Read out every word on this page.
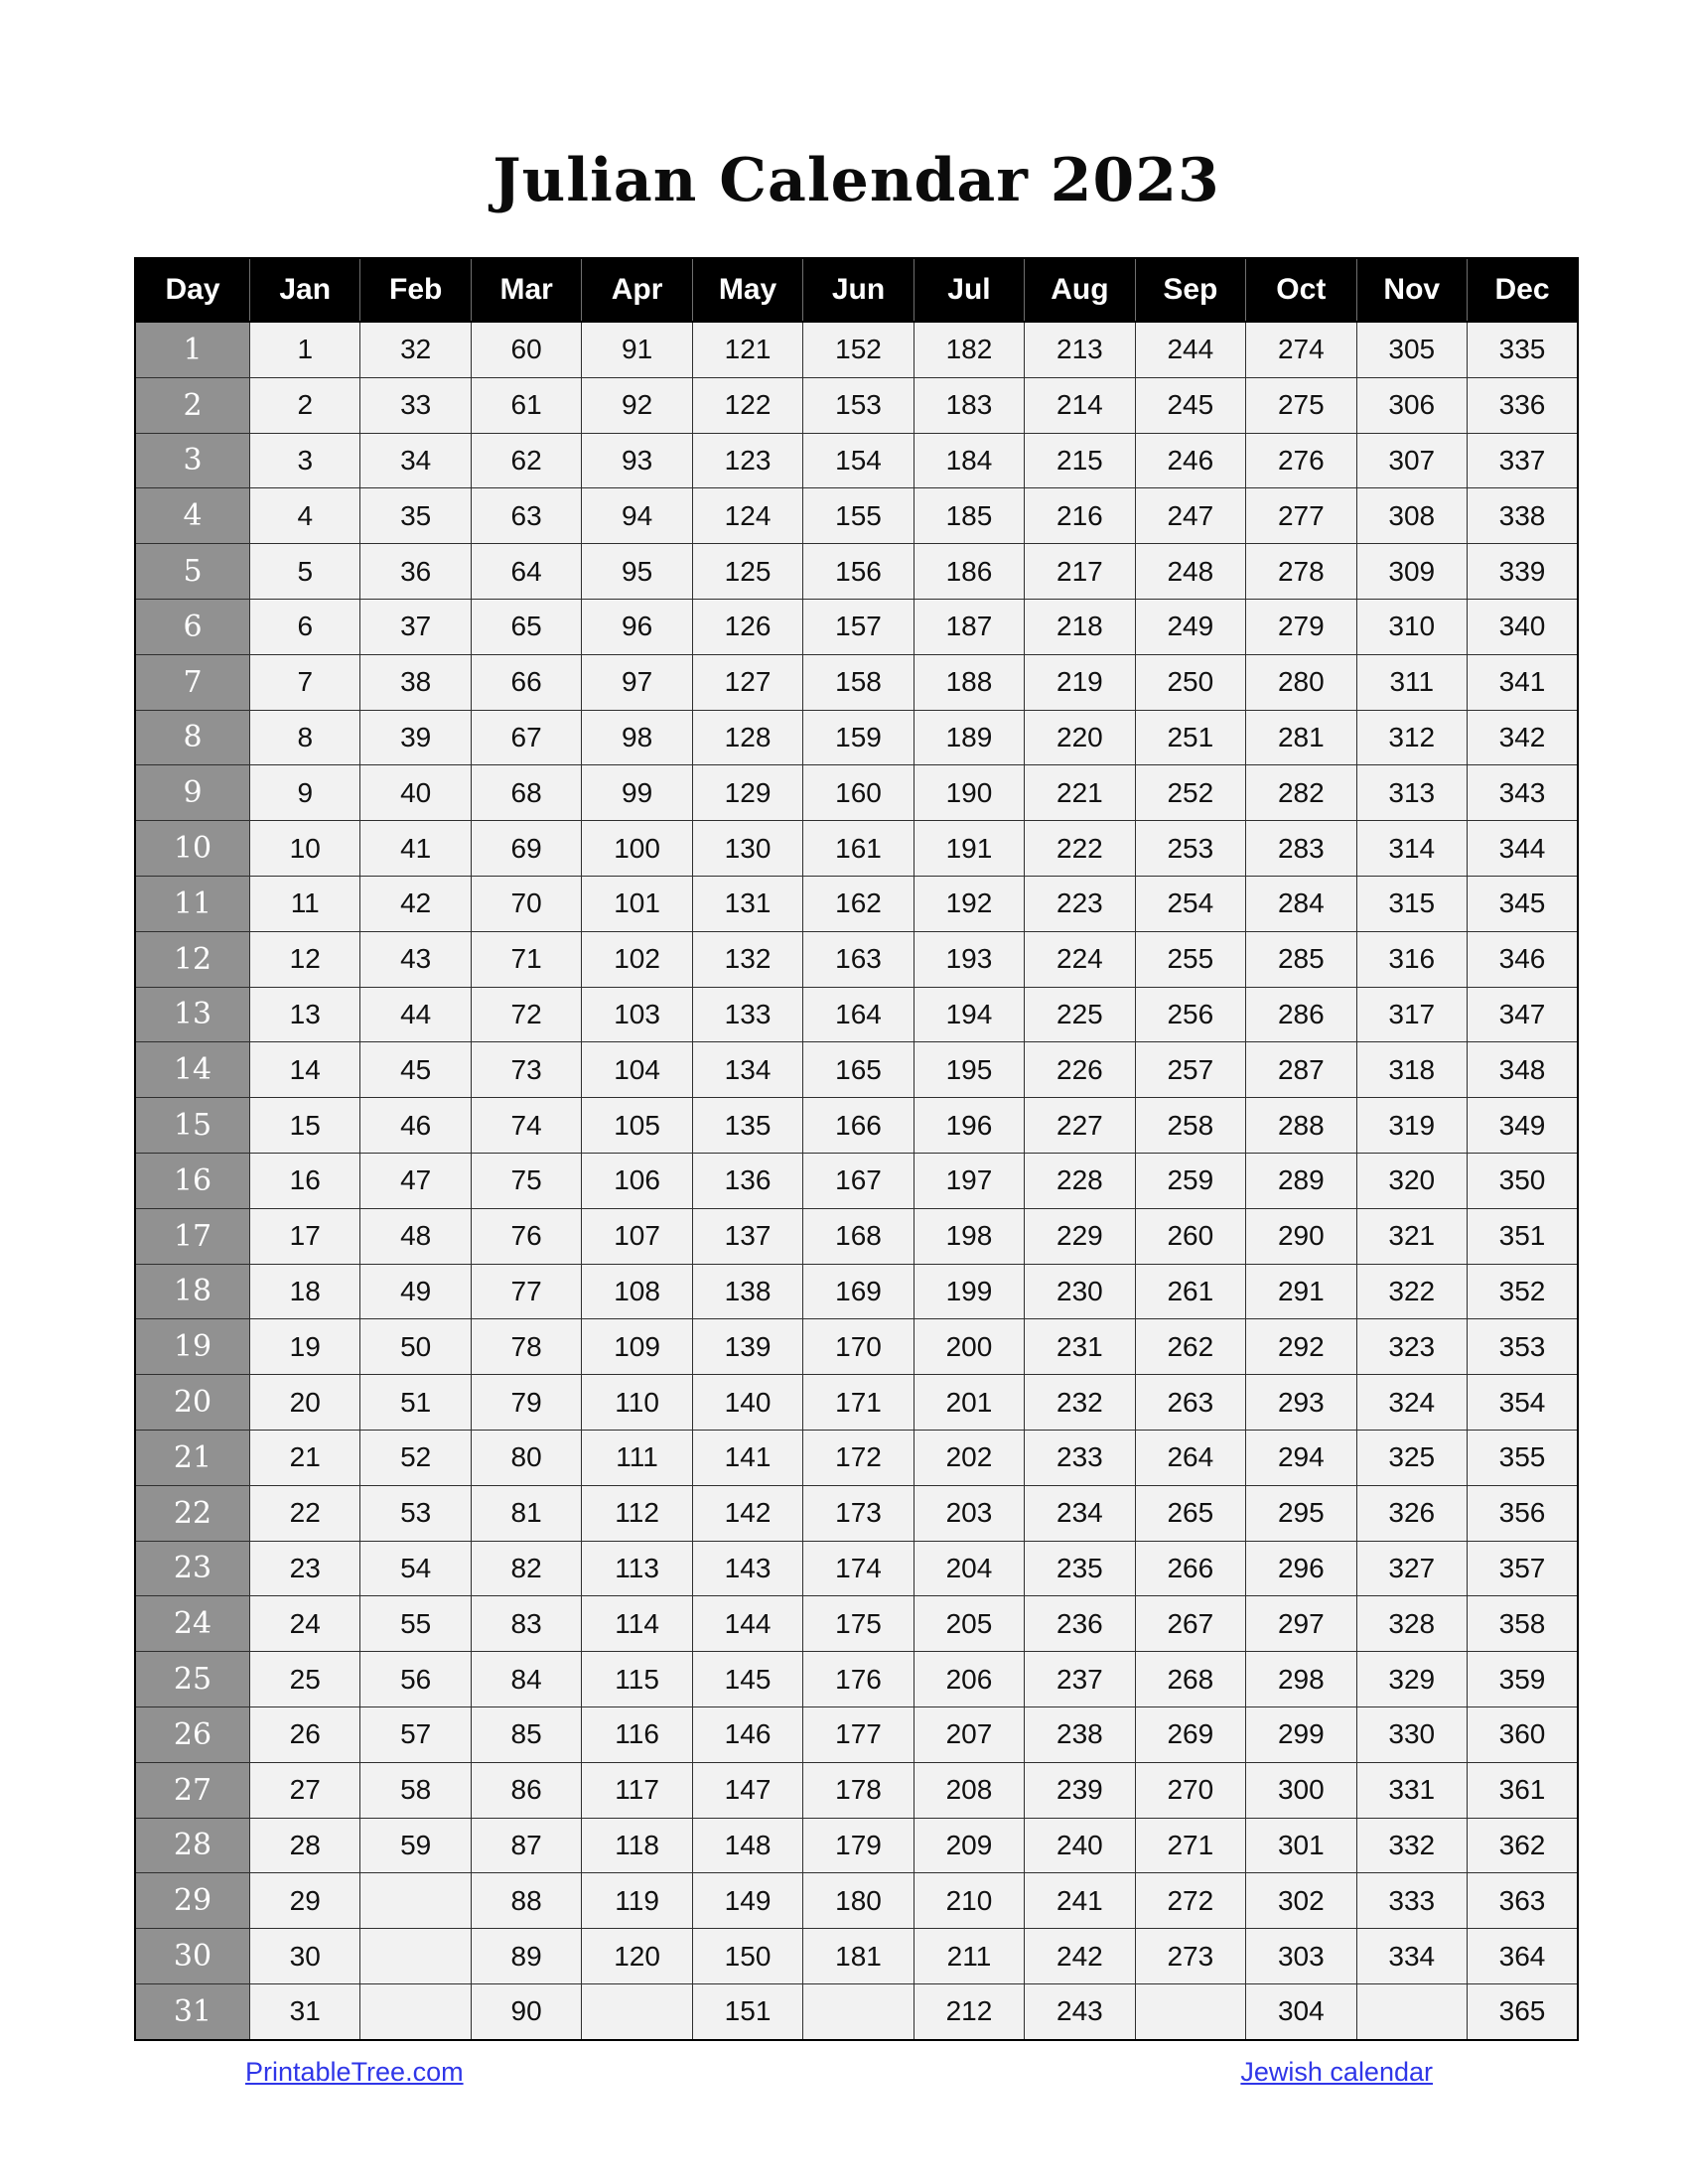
Julian Calendar 2023
Day	Jan	Feb	Mar	Apr	May	Jun	Jul	Aug	Sep	Oct	Nov	Dec
1	1	32	60	91	121	152	182	213	244	274	305	335
2	2	33	61	92	122	153	183	214	245	275	306	336
3	3	34	62	93	123	154	184	215	246	276	307	337
4	4	35	63	94	124	155	185	216	247	277	308	338
5	5	36	64	95	125	156	186	217	248	278	309	339
6	6	37	65	96	126	157	187	218	249	279	310	340
7	7	38	66	97	127	158	188	219	250	280	311	341
8	8	39	67	98	128	159	189	220	251	281	312	342
9	9	40	68	99	129	160	190	221	252	282	313	343
10	10	41	69	100	130	161	191	222	253	283	314	344
11	11	42	70	101	131	162	192	223	254	284	315	345
12	12	43	71	102	132	163	193	224	255	285	316	346
13	13	44	72	103	133	164	194	225	256	286	317	347
14	14	45	73	104	134	165	195	226	257	287	318	348
15	15	46	74	105	135	166	196	227	258	288	319	349
16	16	47	75	106	136	167	197	228	259	289	320	350
17	17	48	76	107	137	168	198	229	260	290	321	351
18	18	49	77	108	138	169	199	230	261	291	322	352
19	19	50	78	109	139	170	200	231	262	292	323	353
20	20	51	79	110	140	171	201	232	263	293	324	354
21	21	52	80	111	141	172	202	233	264	294	325	355
22	22	53	81	112	142	173	203	234	265	295	326	356
23	23	54	82	113	143	174	204	235	266	296	327	357
24	24	55	83	114	144	175	205	236	267	297	328	358
25	25	56	84	115	145	176	206	237	268	298	329	359
26	26	57	85	116	146	177	207	238	269	299	330	360
27	27	58	86	117	147	178	208	239	270	300	331	361
28	28	59	87	118	148	179	209	240	271	301	332	362
29	29		88	119	149	180	210	241	272	302	333	363
30	30		89	120	150	181	211	242	273	303	334	364
31	31		90		151		212	243		304		365
PrintableTree.com	Jewish calendar
